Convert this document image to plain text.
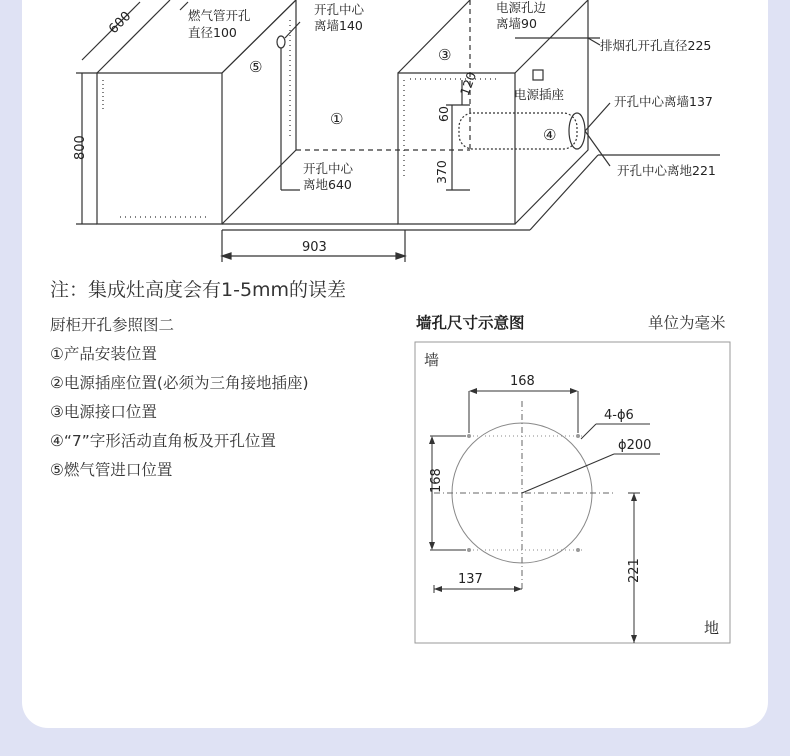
600
800
903
燃气管开孔
直径100
⑤
开孔中心
离墙140
①
开孔中心
离地640
③
电源孔边
离墙90
120
60
370
电源插座
④
排烟孔开孔直径225
开孔中心离墙137
开孔中心离地221
注：集成灶高度会有1-5mm的误差
厨柜开孔参照图二
①产品安装位置
②电源插座位置(必须为三角接地插座)
③电源接口位置
④“7”字形活动直角板及开孔位置
⑤燃气管进口位置
墙孔尺寸示意图	单位为毫米
墙
地
168
168
137	221
4-ϕ6
ϕ200
